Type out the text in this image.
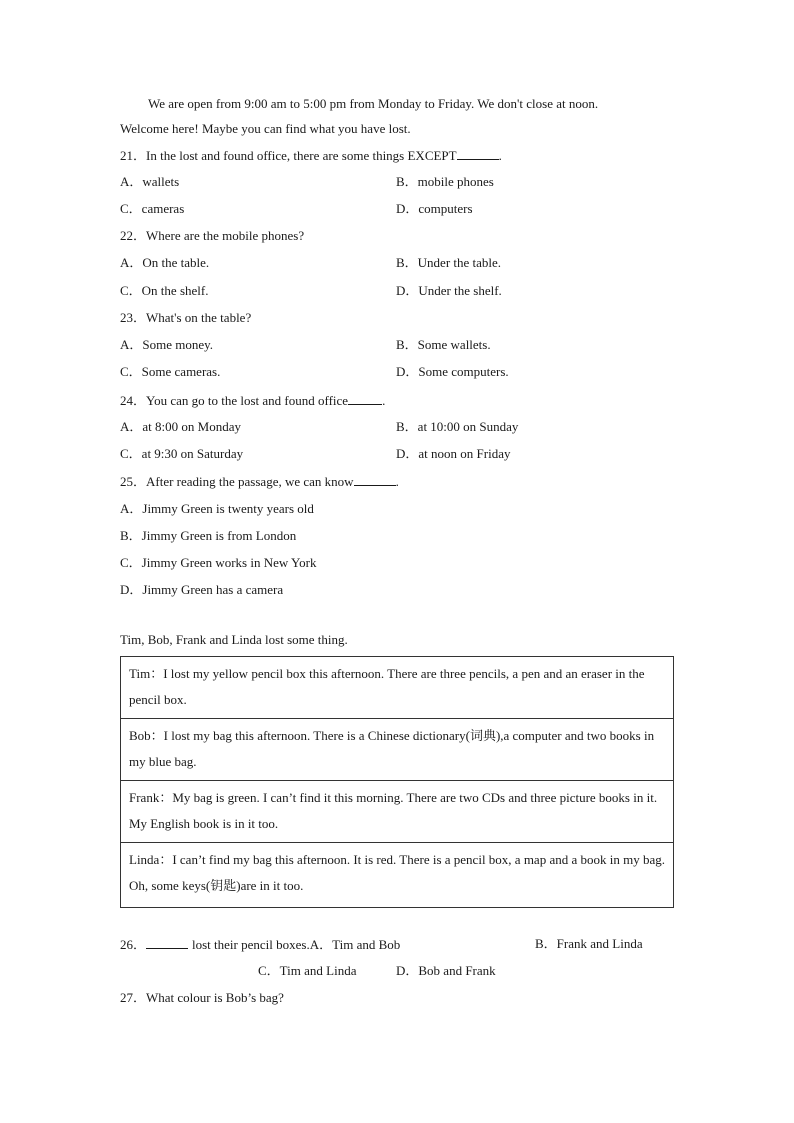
We are open from 9:00 am to 5:00 pm from Monday to Friday. We don't close at noon.
Welcome here! Maybe you can find what you have lost.
21．In the lost and found office, there are some things EXCEPT	.
A．wallets	B．mobile phones
C．cameras	D．computers
22．Where are the mobile phones?
A．On the table.	B．Under the table.
C．On the shelf.	D．Under the shelf.
23．What's on the table?
A．Some money.	B．Some wallets.
C．Some cameras.	D．Some computers.
24．You can go to the lost and found office	.
A．at 8:00 on Monday	B．at 10:00 on Sunday
C．at 9:30 on Saturday	D．at noon on Friday
25．After reading the passage, we can know	.
A．Jimmy Green is twenty years old
B．Jimmy Green is from London
C．Jimmy Green works in New York
D．Jimmy Green has a camera
Tim, Bob, Frank and Linda lost some thing.
Tim：I lost my yellow pencil box this afternoon. There are three pencils, a pen and an eraser in the pencil box.
Bob：I lost my bag this afternoon. There is a Chinese dictionary(词典),a computer and two books in my blue bag.
Frank：My bag is green. I can’t find it this morning. There are two CDs and three picture books in it. My English book is in it too.
Linda：I can’t find my bag this afternoon. It is red. There is a pencil box, a map and a book in my bag. Oh, some keys(钥匙)are in it too.
26．	lost their pencil boxes.A．Tim and Bob	B．Frank and Linda
C．Tim and Linda	D．Bob and Frank
27．What colour is Bob’s bag?
